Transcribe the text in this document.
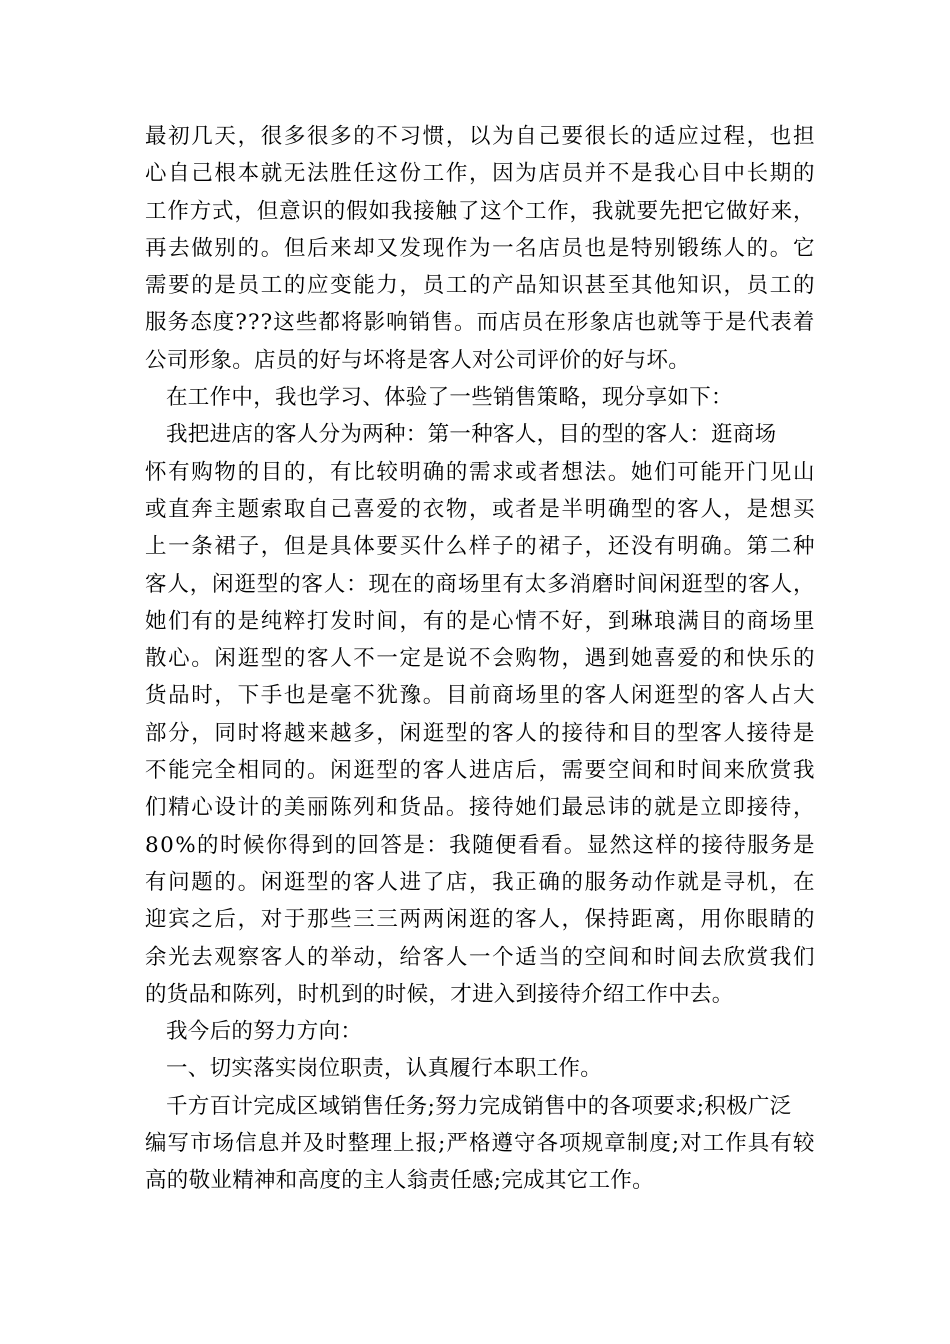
最 初 几 天 ， 很 多 很 多 的 不 习 惯 ， 以 为 自 己 要 很 长 的 适 应 过 程 ， 也 担
心 自 己 根 本 就 无 法 胜 任 这 份 工 作 ， 因 为 店 员 并 不 是 我 心 目 中 长 期 的
工 作 方 式 ， 但 意 识 的 假 如 我 接 触 了 这 个 工 作 ， 我 就 要 先 把 它 做 好 来 ，
再 去 做 别 的 。 但 后 来 却 又 发 现 作 为 一 名 店 员 也 是 特 别 锻 练 人 的 。 它
需 要 的 是 员 工 的 应 变 能 力 ， 员 工 的 产 品 知 识 甚 至 其 他 知 识 ， 员 工 的
服 务 态 度 ? ? ? 这 些 都 将 影 响 销 售 。 而 店 员 在 形 象 店 也 就 等 于 是 代 表 着
公司形象。店员的好与坏将是客人对公司评价的好与坏。
在工作中，我也学习、体验了一些销售策略，现分享如下：
我把进店的客人分为两种：第一种客人，目的型的客人：逛商场
怀 有 购 物 的 目 的 ， 有 比 较 明 确 的 需 求 或 者 想 法 。 她 们 可 能 开 门 见 山
或 直 奔 主 题 索 取 自 己 喜 爱 的 衣 物 ， 或 者 是 半 明 确 型 的 客 人 ， 是 想 买
上 一 条 裙 子 ， 但 是 具 体 要 买 什 么 样 子 的 裙 子 ， 还 没 有 明 确 。 第 二 种
客 人 ， 闲 逛 型 的 客 人 ： 现 在 的 商 场 里 有 太 多 消 磨 时 间 闲 逛 型 的 客 人 ，
她 们 有 的 是 纯 粹 打 发 时 间 ， 有 的 是 心 情 不 好 ， 到 琳 琅 满 目 的 商 场 里
散 心 。 闲 逛 型 的 客 人 不 一 定 是 说 不 会 购 物 ， 遇 到 她 喜 爱 的 和 快 乐 的
货 品 时 ， 下 手 也 是 毫 不 犹 豫 。 目 前 商 场 里 的 客 人 闲 逛 型 的 客 人 占 大
部 分 ， 同 时 将 越 来 越 多 ， 闲 逛 型 的 客 人 的 接 待 和 目 的 型 客 人 接 待 是
不 能 完 全 相 同 的 。 闲 逛 型 的 客 人 进 店 后 ， 需 要 空 间 和 时 间 来 欣 赏 我
们 精 心 设 计 的 美 丽 陈 列 和 货 品 。 接 待 她 们 最 忌 讳 的 就 是 立 即 接 待 ，
8 0 % 的 时 候 你 得 到 的 回 答 是 ： 我 随 便 看 看 。 显 然 这 样 的 接 待 服 务 是
有 问 题 的 。 闲 逛 型 的 客 人 进 了 店 ， 我 正 确 的 服 务 动 作 就 是 寻 机 ， 在
迎 宾 之 后 ， 对 于 那 些 三 三 两 两 闲 逛 的 客 人 ， 保 持 距 离 ， 用 你 眼 睛 的
余 光 去 观 察 客 人 的 举 动 ， 给 客 人 一 个 适 当 的 空 间 和 时 间 去 欣 赏 我 们
的货品和陈列，时机到的时候，才进入到接待介绍工作中去。
我今后的努力方向：
一、切实落实岗位职责，认真履行本职工作。
千方百计完成区域销售任务;努力完成销售中的各项要求;积极广泛
编 写 市 场 信 息 并 及 时 整 理 上 报 ; 严 格 遵 守 各 项 规 章 制 度 ; 对 工 作 具 有 较
高的敬业精神和高度的主人翁责任感;完成其它工作。
